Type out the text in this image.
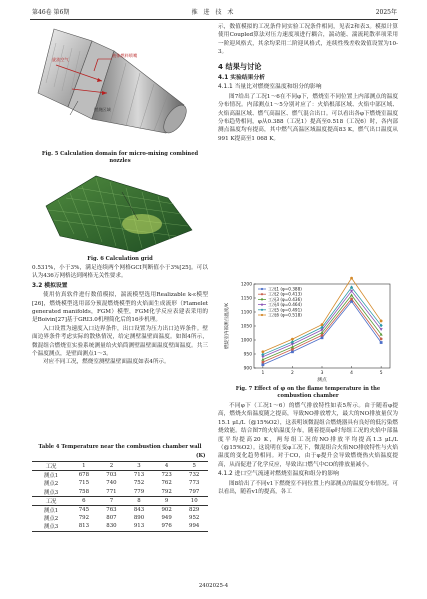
第46卷 第6期	推 进 技 术	2025年
液体燃料喷嘴
旋流空气
燃烧区域
Fig. 5 Calculation domain for micro-mixing combined
nozzles
Fig. 6 Calculation grid

0.531%，小于3%，满足连续两个网格GCI判断值小于3%[25]。可以认为436万网格达到网格无关性要求。

3.2 模拟设置

使用仿真软件进行数值模拟，湍流模型选用Realizable k-ε模型[26]，燃烧模型选用部分预混燃烧模型的火焰面生成流形（Flamelet generated manifolds，FGM）模型，FGM化学反应表建表采用的是Boivin[27]基于GRI3.0机理简化后的16步机理。

入口设置为速度入口边界条件，出口设置为压力出口边界条件。壁面边界条件考虑实际的散热情况，给定测壁温壁面温度。如图4所示，微混组合燃烧室实验系统测量给火焰筒测壁温壁面温度壁面温度。共三个温度测点，是壁面测点1～3。

对应不同工况，燃烧室测壁温壁面温度如表4所示。

Table 4 Temperature near the combustion chamber wall
(K)
工况	1	2	3	4	5
测点1	678	703	713	723	732
测点2	715	740	752	762	773
测点3	758	771	779	792	797
工况	6	7	8	9	10
测点1	745	763	843	902	829
测点2	792	807	890	949	952
测点3	813	830	913	976	994

示，数值模拟的工况条件同实验工况条件相同，见表2和表3。模拟计算使用Coupled算法对压力速度项进行耦合，湍动能、湍流耗散率项采用一阶迎风格式，其余均采用二阶迎风格式，连续性残差收敛值设置为10-3。

4 结果与讨论
4.1 实验结果分析
4.1.1 当量比对燃烧室温度和组分的影响

图7给出了工况1～6在不同φ下，燃烧室不同位置上内部测点的温度分布情况。内部测点1～5分别对应了：火焰根部区域、火焰中部区域、火焰高温区域、燃气高温区、燃气混合出口。可以看出各φ下燃烧室温度分布趋势相同，φ从0.388（工况1）提高至0.518（工况6）时，各内部测点温度均有提高，其中燃气高温区域温度提高83 K，燃气出口温度从991 K提高至1 068 K。

900
950
1000
1050
1100
1150
1200
1	2	3	4	5
测点
燃烧室内部测点温度/K
工况1 (φ=0.388)
工况2 (φ=0.413)
工况3 (φ=0.436)
工况4 (φ=0.464)
工况5 (φ=0.491)
工况6 (φ=0.518)
Fig. 7 Effect of φ on the flame temperature in the
combustion chamber

不同φ下（工况1～6）的燃气排放特性如表5所示。由于随着φ提高，燃烧火焰温度随之提高，导致NO排放增大，最大的NO排放量仅为15.1 μL/L（@15%O2），这表明该微混组合燃烧器具有良好的低污染燃烧效能。结合图7的火焰温度分布，随着提高φ时每组工况的火焰中部温度平均提高20 K，两每组工况的NO排放平均提高1.3 μL/L（@15%O2）。这说明在变φ工况下，微混组合火焰NO排放特性与火焰温度的变化趋势相同。对于CO，由于φ提升会导致燃烧热火焰温度提高，从而促进了化学反应，导致出口燃气中CO的排放量减小。

4.1.2 进口空气流速对燃烧室温度和组分的影响

图8给出了不同v1下燃烧室不同位置上内部测点的温度分布情况。可以看出，随着v1的提高，各工

2402025-4
